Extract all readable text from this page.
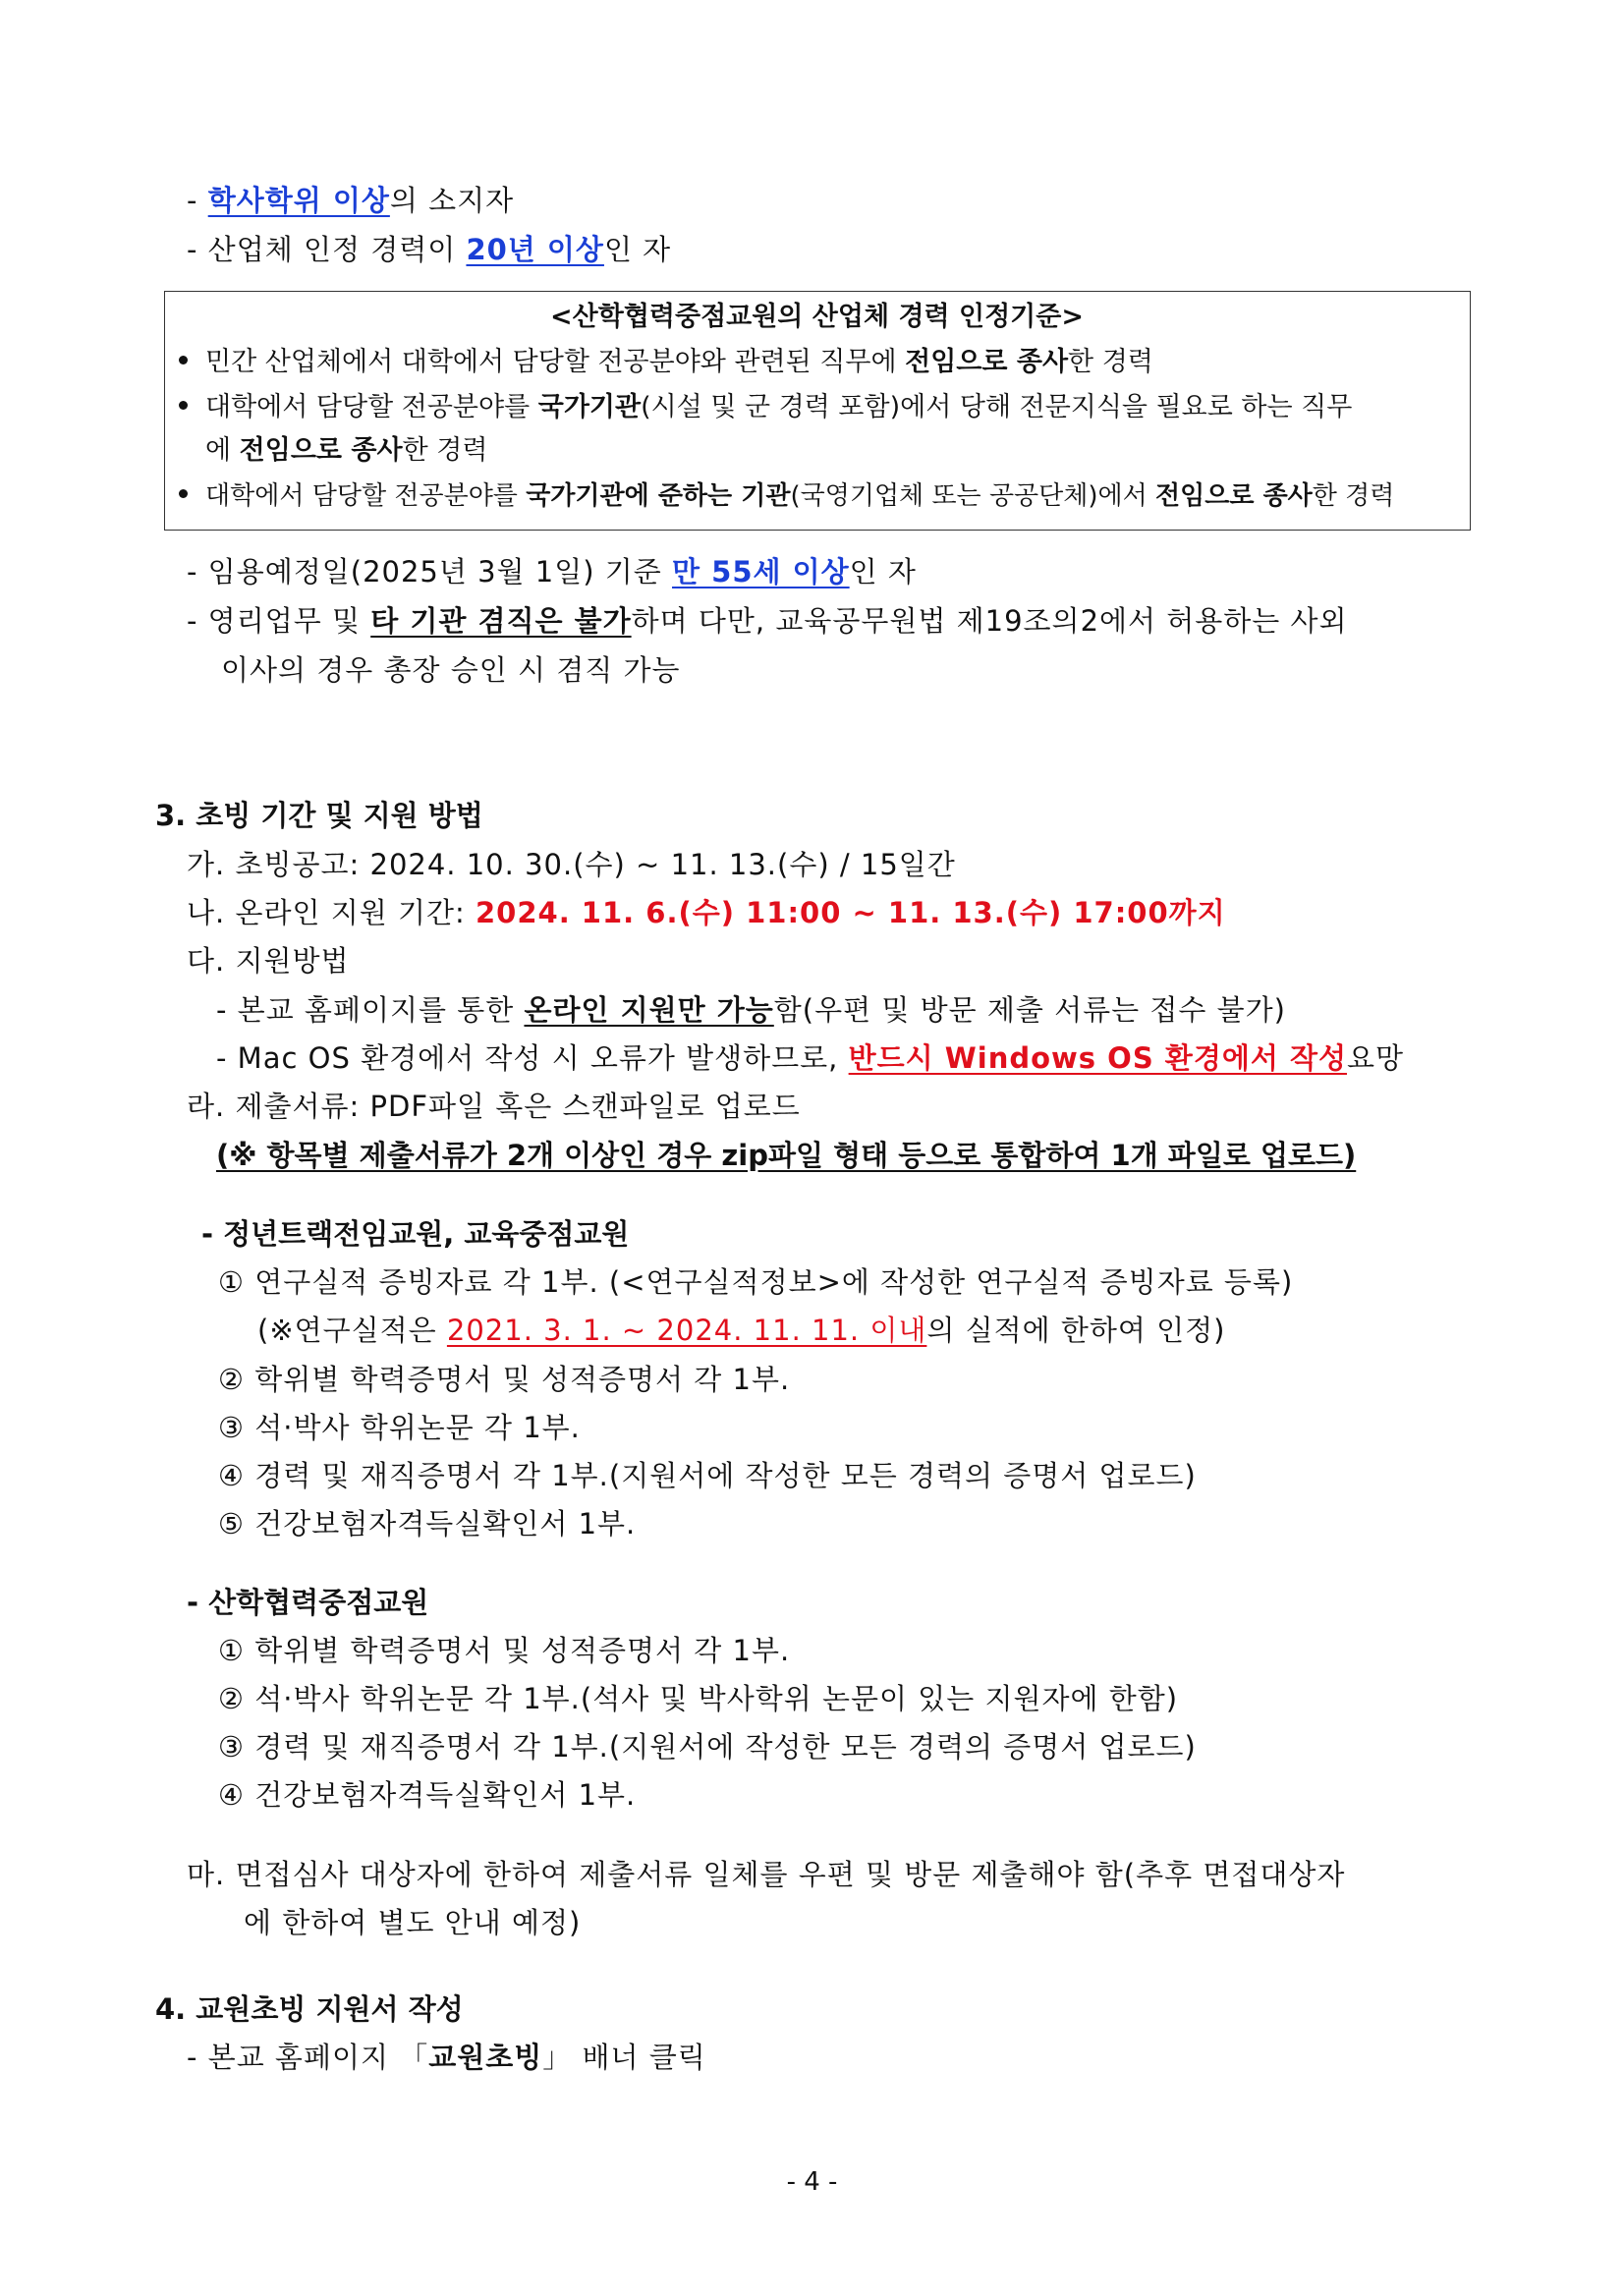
- 학사학위 이상의 소지자
- 산업체 인정 경력이 20년 이상인 자
<산학협력중점교원의 산업체 경력 인정기준>
민간 산업체에서 대학에서 담당할 전공분야와 관련된 직무에 전임으로 종사한 경력
대학에서 담당할 전공분야를 국가기관(시설 및 군 경력 포함)에서 당해 전문지식을 필요로 하는 직무
에 전임으로 종사한 경력
대학에서 담당할 전공분야를 국가기관에 준하는 기관(국영기업체 또는 공공단체)에서 전임으로 종사한 경력
- 임용예정일(2025년 3월 1일) 기준 만 55세 이상인 자
- 영리업무 및 타 기관 겸직은 불가하며 다만, 교육공무원법 제19조의2에서 허용하는 사외
이사의 경우 총장 승인 시 겸직 가능
3. 초빙 기간 및 지원 방법
가. 초빙공고: 2024. 10. 30.(수) ~ 11. 13.(수) / 15일간
나. 온라인 지원 기간: 2024. 11. 6.(수) 11:00 ~ 11. 13.(수) 17:00까지
다. 지원방법
- 본교 홈페이지를 통한 온라인 지원만 가능함(우편 및 방문 제출 서류는 접수 불가)
- Mac OS 환경에서 작성 시 오류가 발생하므로, 반드시 Windows OS 환경에서 작성요망
라. 제출서류: PDF파일 혹은 스캔파일로 업로드
(※ 항목별 제출서류가 2개 이상인 경우 zip파일 형태 등으로 통합하여 1개 파일로 업로드)
- 정년트랙전임교원, 교육중점교원
① 연구실적 증빙자료 각 1부. (<연구실적정보>에 작성한 연구실적 증빙자료 등록)
(※연구실적은 2021. 3. 1. ~ 2024. 11. 11. 이내의 실적에 한하여 인정)
② 학위별 학력증명서 및 성적증명서 각 1부.
③ 석·박사 학위논문 각 1부.
④ 경력 및 재직증명서 각 1부.(지원서에 작성한 모든 경력의 증명서 업로드)
⑤ 건강보험자격득실확인서 1부.
- 산학협력중점교원
① 학위별 학력증명서 및 성적증명서 각 1부.
② 석·박사 학위논문 각 1부.(석사 및 박사학위 논문이 있는 지원자에 한함)
③ 경력 및 재직증명서 각 1부.(지원서에 작성한 모든 경력의 증명서 업로드)
④ 건강보험자격득실확인서 1부.
마. 면접심사 대상자에 한하여 제출서류 일체를 우편 및 방문 제출해야 함(추후 면접대상자
에 한하여 별도 안내 예정)
4. 교원초빙 지원서 작성
- 본교 홈페이지 「교원초빙」 배너 클릭
- 4 -
